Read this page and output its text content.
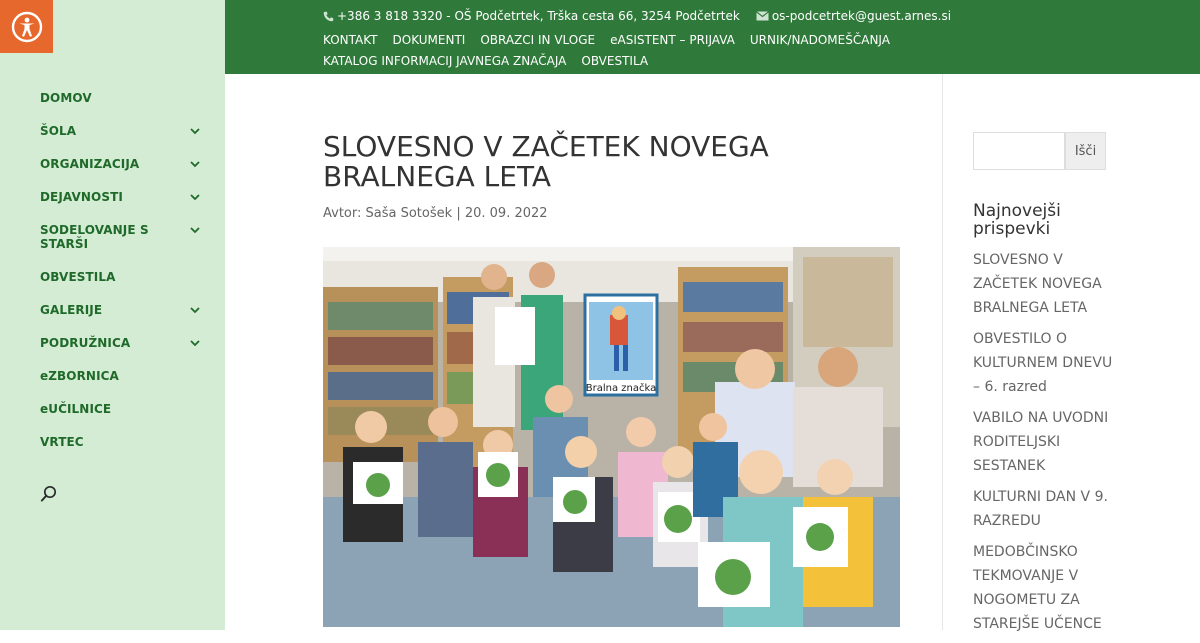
DOMOV
ŠOLA
ORGANIZACIJA
DEJAVNOSTI
SODELOVANJE S STARŠI
OBVESTILA
GALERIJE
PODRUŽNICA
eZBORNICA
eUČILNICE
VRTEC
+386 3 818 3320 - OŠ Podčetrtek, Trška cesta 66, 3254 Podčetrtek	os-podcetrtek@guest.arnes.si
KONTAKT DOKUMENTI OBRAZCI IN VLOGE eASISTENT – PRIJAVA URNIK/NADOMEŠČANJAKATALOG INFORMACIJ JAVNEGA ZNAČAJA OBVESTILA
SLOVESNO V ZAČETEK NOVEGA BRALNEGA LETA
Avtor: Saša Sotošek | 20. 09. 2022
Bralna značka
Išči
Najnovejši prispevki
SLOVESNO V ZAČETEK NOVEGA BRALNEGA LETA
OBVESTILO O KULTURNEM DNEVU – 6. razred
VABILO NA UVODNI RODITELJSKI SESTANEK
KULTURNI DAN V 9. RAZREDU
MEDOBČINSKO TEKMOVANJE V NOGOMETU ZA STAREJŠE UČENCE
